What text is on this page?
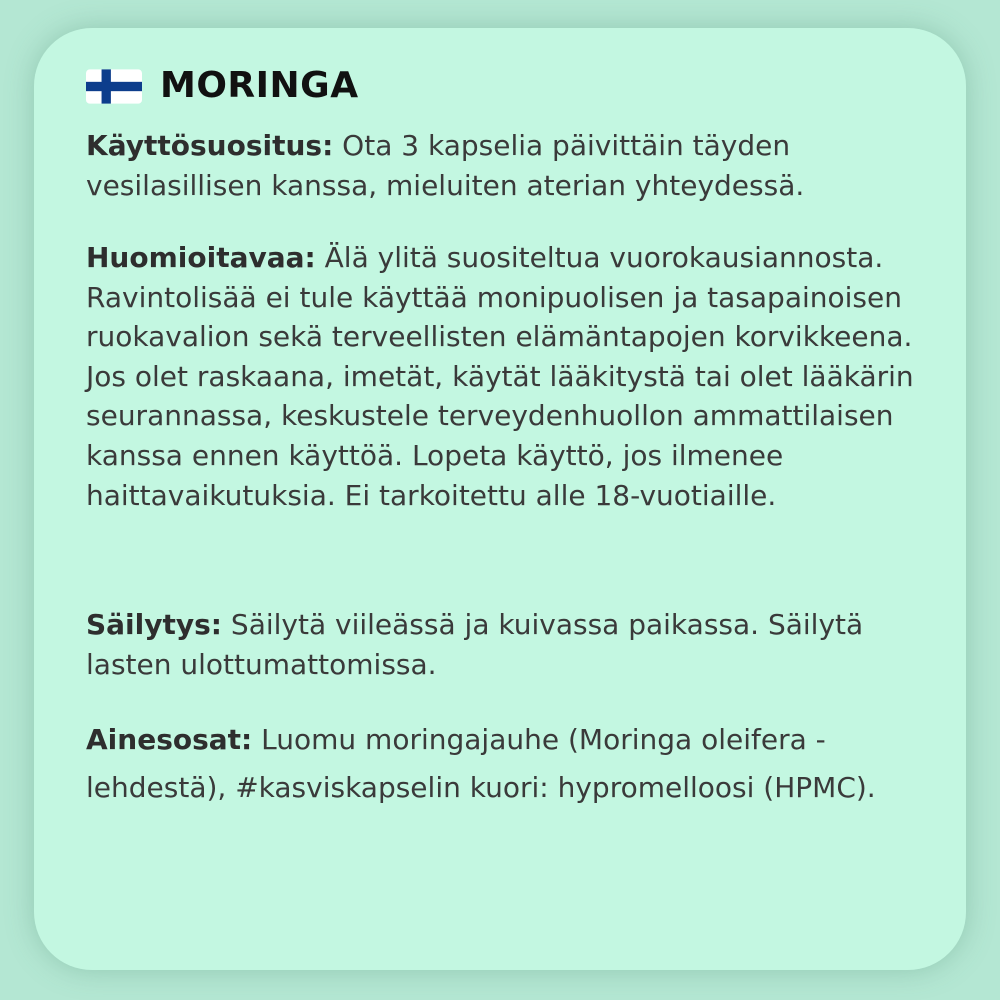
MORINGA

Käyttösuositus: Ota 3 kapselia päivittäin täyden vesilasillisen kanssa, mieluiten aterian yhteydessä.

Huomioitavaa: Älä ylitä suositeltua vuorokausiannosta. Ravintolisää ei tule käyttää monipuolisen ja tasapainoisen ruokavalion sekä terveellisten elämäntapojen korvikkeena. Jos olet raskaana, imetät, käytät lääkitystä tai olet lääkärin seurannassa, keskustele terveydenhuollon ammattilaisen kanssa ennen käyttöä. Lopeta käyttö, jos ilmenee haittavaikutuksia. Ei tarkoitettu alle 18-vuotiaille.

Säilytys: Säilytä viileässä ja kuivassa paikassa. Säilytä lasten ulottumattomissa.

Ainesosat: Luomu moringajauhe (Moringa oleifera -lehdestä), #kasviskapselin kuori: hypromelloosi (HPMC).
